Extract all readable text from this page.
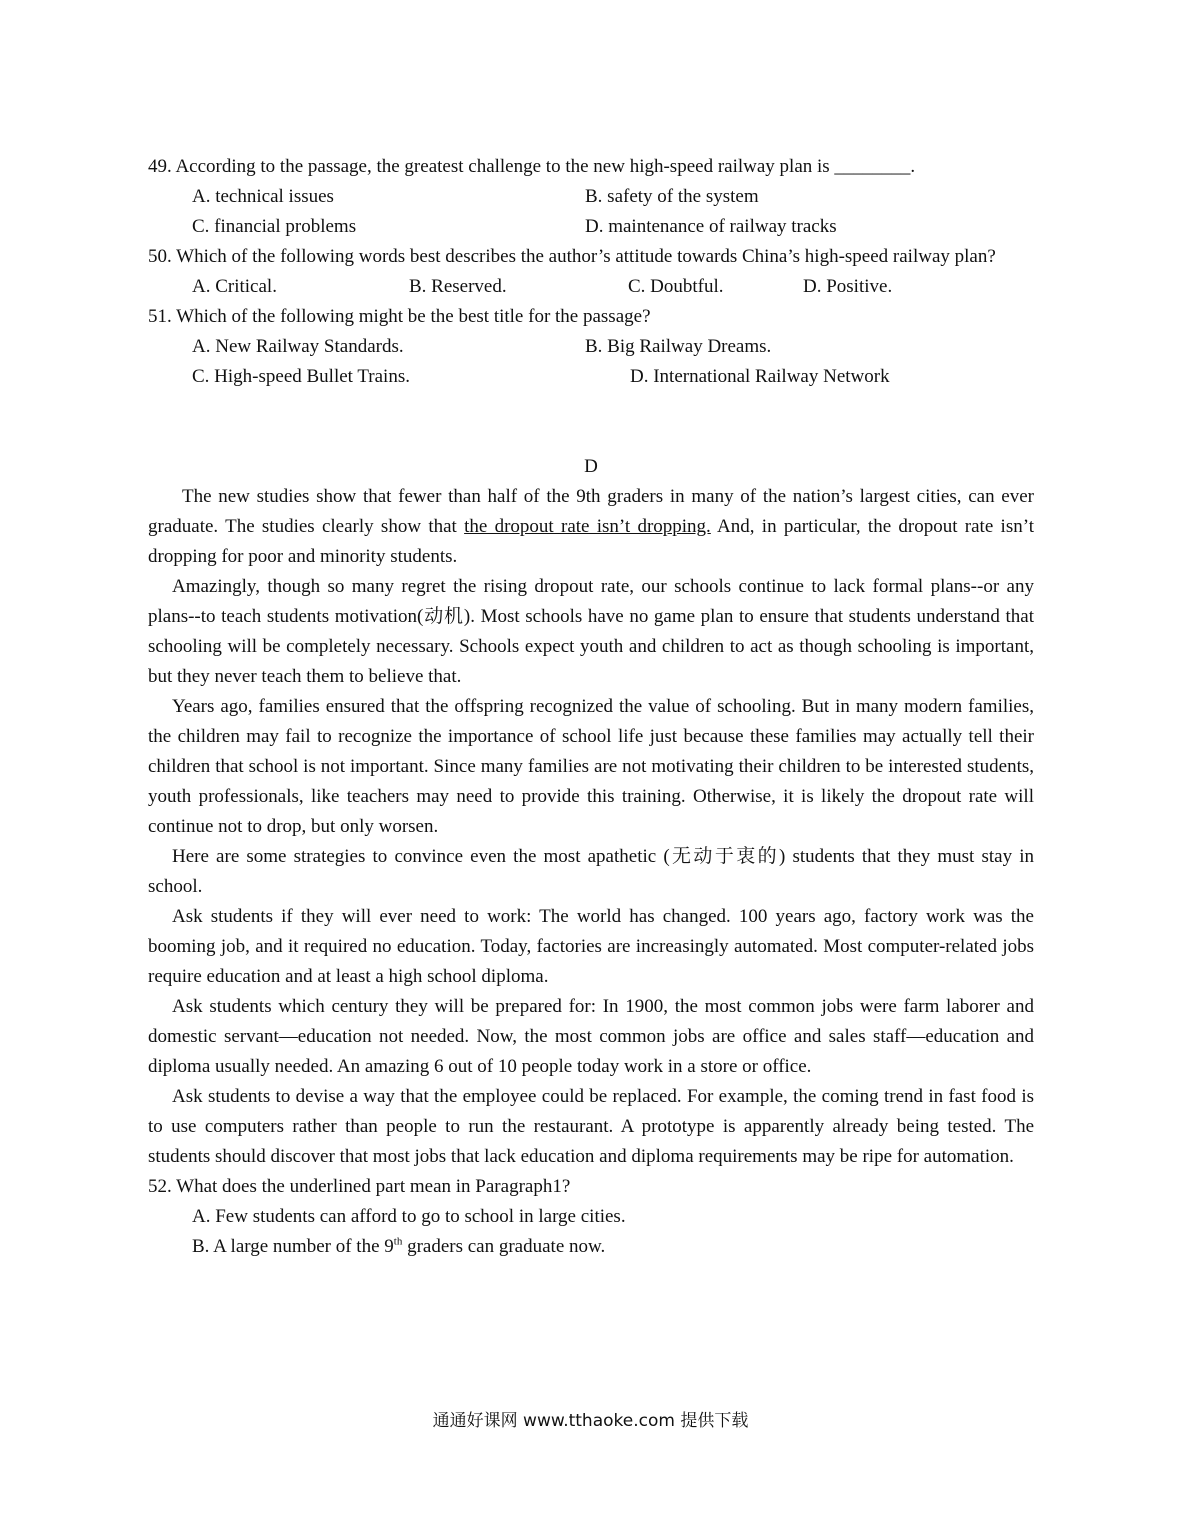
49. According to the passage, the greatest challenge to the new high-speed railway plan is ________.

A. technical issues	B. safety of the system
C. financial problems	D. maintenance of railway tracks

50. Which of the following words best describes the author’s attitude towards China’s high-speed railway plan?

A. Critical.	B. Reserved.	C. Doubtful.	D. Positive.

51. Which of the following might be the best title for the passage?

A. New Railway Standards.	B. Big Railway Dreams.
C. High-speed Bullet Trains.	D. International Railway Network

D

The new studies show that fewer than half of the 9th graders in many of the nation’s largest cities, can ever graduate. The studies clearly show that the dropout rate isn’t dropping. And, in particular, the dropout rate isn’t dropping for poor and minority students.

Amazingly, though so many regret the rising dropout rate, our schools continue to lack formal plans--or any plans--to teach students motivation(动机). Most schools have no game plan to ensure that students understand that schooling will be completely necessary. Schools expect youth and children to act as though schooling is important, but they never teach them to believe that.

Years ago, families ensured that the offspring recognized the value of schooling. But in many modern families, the children may fail to recognize the importance of school life just because these families may actually tell their children that school is not important. Since many families are not motivating their children to be interested students, youth professionals, like teachers may need to provide this training. Otherwise, it is likely the dropout rate will continue not to drop, but only worsen.

Here are some strategies to convince even the most apathetic (无动于衷的) students that they must stay in school.

Ask students if they will ever need to work: The world has changed. 100 years ago, factory work was the booming job, and it required no education. Today, factories are increasingly automated. Most computer-related jobs require education and at least a high school diploma.

Ask students which century they will be prepared for: In 1900, the most common jobs were farm laborer and domestic servant—education not needed. Now, the most common jobs are office and sales staff—education and diploma usually needed. An amazing 6 out of 10 people today work in a store or office.

Ask students to devise a way that the employee could be replaced. For example, the coming trend in fast food is to use computers rather than people to run the restaurant. A prototype is apparently already being tested. The students should discover that most jobs that lack education and diploma requirements may be ripe for automation.

52. What does the underlined part mean in Paragraph1?

A. Few students can afford to go to school in large cities.

B. A large number of the 9th graders can graduate now.

通通好课网 www.tthaoke.com 提供下载
